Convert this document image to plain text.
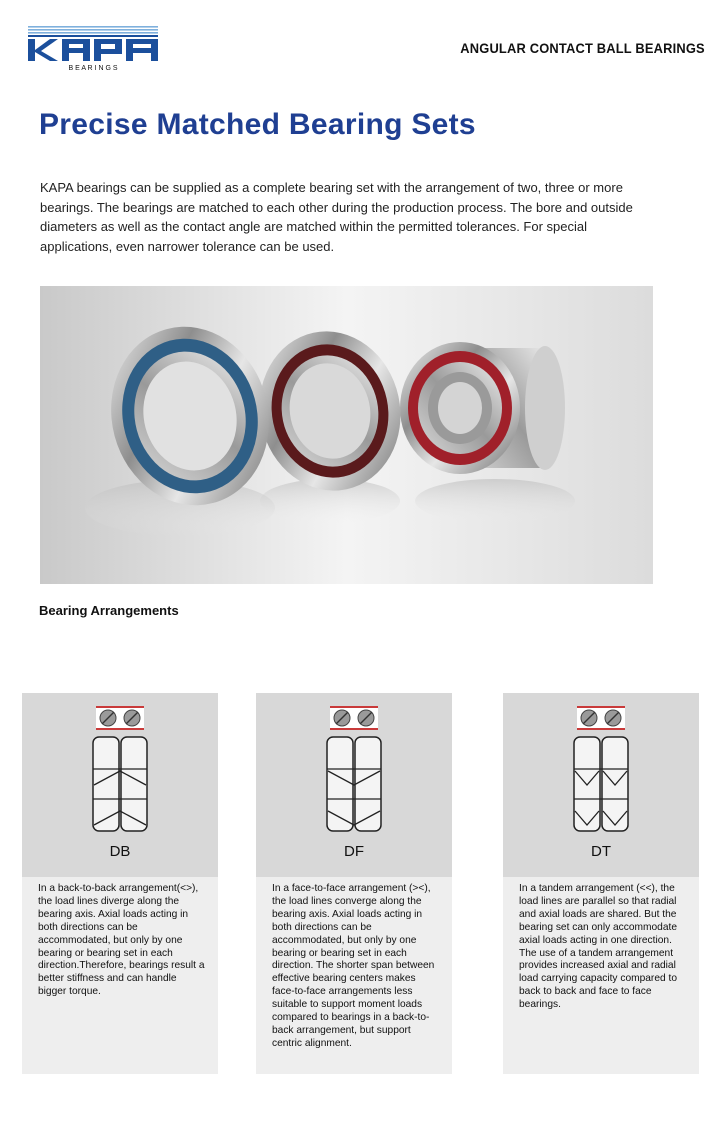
B E A R I N G S
ANGULAR CONTACT BALL BEARINGS
Precise Matched Bearing Sets

KAPA bearings can be supplied as a complete bearing set with the arrangement of two, three or more bearings. The bearings are matched to each other during the production process. The bore and outside diameters as well as the contact angle are matched within the permitted tolerances. For special applications, even narrower tolerance can be used.

Bearing Arrangements
DB

In a back-to-back arrangement(<>), the load lines diverge along the bearing axis. Axial loads acting in both directions can be accommodated, but only by one bearing or bearing set in each direction.Therefore, bearings result a better stiffness and can handle bigger torque.

DF

In a face-to-face arrangement (><), the load lines converge along the bearing axis. Axial loads acting in both directions can be accommodated, but only by one bearing or bearing set in each direction. The shorter span between effective bearing centers makes face-to-face arrangements less suitable to support moment loads compared to bearings in a back-to-back arrangement, but support centric alignment.

DT

In a tandem arrangement (<<), the load lines are parallel so that radial and axial loads are shared. But the bearing set can only accommodate axial loads acting in one direction. The use of a tandem arrangement provides increased axial and radial load carrying capacity compared to back to back and face to face bearings.
